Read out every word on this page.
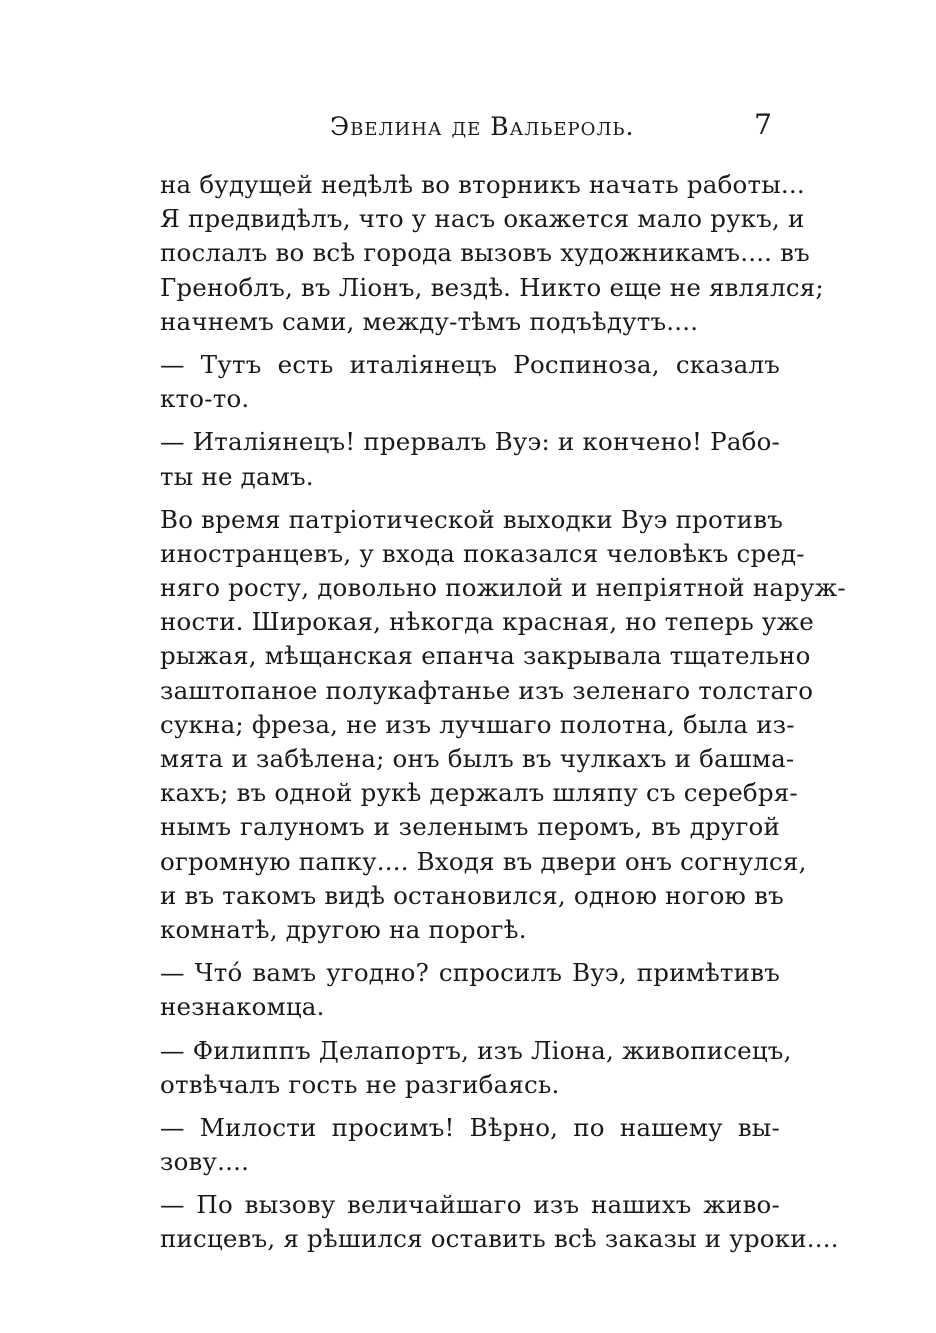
Эвелина де Вальероль.	7
на будущей недѣлѣ во вторникъ начать работы...
Я предвидѣлъ, что у насъ окажется мало рукъ, и
послалъ во всѣ города вызовъ художникамъ.... въ
Греноблъ, въ Ліонъ, вездѣ. Никто еще не являлся;
начнемъ сами, между-тѣмъ подъѣдутъ....
— Тутъ есть италіянецъ Роспиноза, сказалъ
кто-то.
— Италіянецъ! прервалъ Вуэ: и кончено! Рабо-
ты не дамъ.
Во время патріотической выходки Вуэ противъ
иностранцевъ, у входа показался человѣкъ сред-
няго росту, довольно пожилой и непріятной наруж-
ности. Широкая, нѣкогда красная, но теперь уже
рыжая, мѣщанская епанча закрывала тщательно
заштопаное полукафтанье изъ зеленаго толстаго
сукна; фреза, не изъ лучшаго полотна, была из-
мята и забѣлена; онъ былъ въ чулкахъ и башма-
кахъ; въ одной рукѣ держалъ шляпу съ серебря-
нымъ галуномъ и зеленымъ перомъ, въ другой
огромную папку.... Входя въ двери онъ согнулся,
и въ такомъ видѣ остановился, одною ногою въ
комнатѣ, другою на порогѣ.
— Чтó вамъ угодно? спросилъ Вуэ, примѣтивъ
незнакомца.
— Филиппъ Делапортъ, изъ Ліона, живописецъ,
отвѣчалъ гость не разгибаясь.
— Милости просимъ! Вѣрно, по нашему вы-
зову....
— По вызову величайшаго изъ нашихъ живо-
писцевъ, я рѣшился оставить всѣ заказы и уроки....
